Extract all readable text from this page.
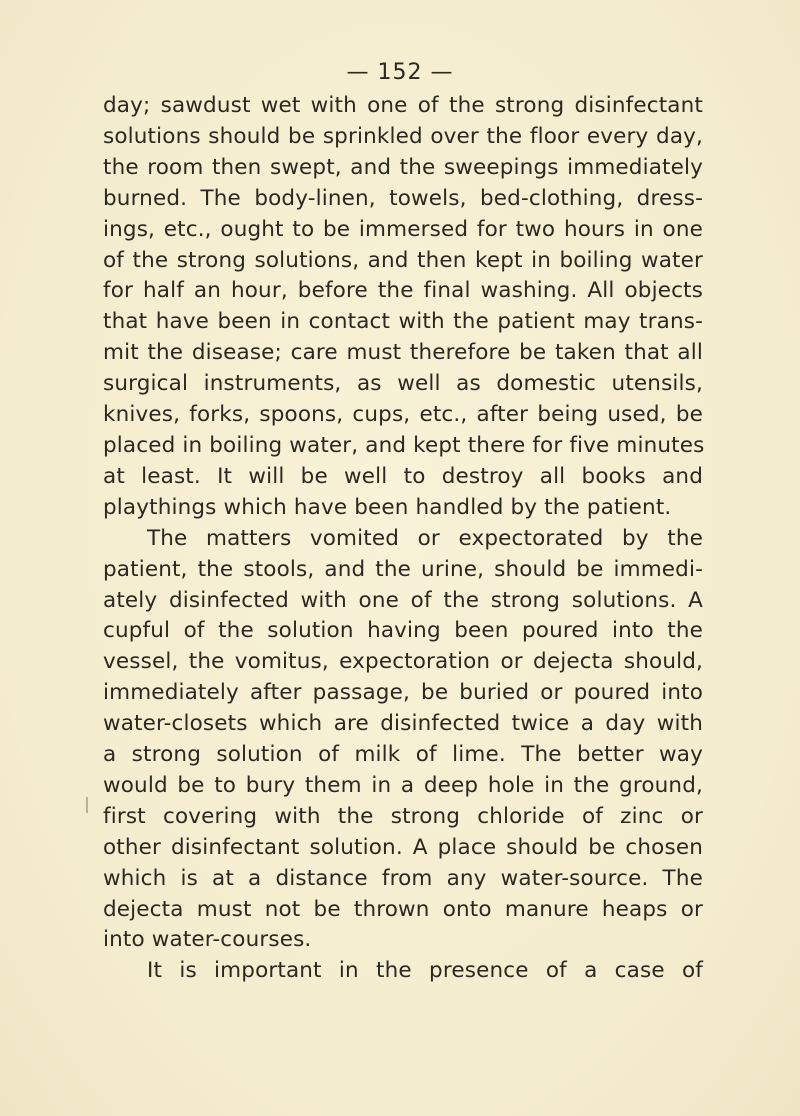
— 152 —
day; sawdust wet with one of the strong disinfectant
solutions should be sprinkled over the floor every day,
the room then swept, and the sweepings immediately
burned. The body-linen, towels, bed-clothing, dress-
ings, etc., ought to be immersed for two hours in one
of the strong solutions, and then kept in boiling water
for half an hour, before the final washing. All objects
that have been in contact with the patient may trans-
mit the disease; care must therefore be taken that all
surgical instruments, as well as domestic utensils,
knives, forks, spoons, cups, etc., after being used, be
placed in boiling water, and kept there for five minutes
at least. It will be well to destroy all books and
playthings which have been handled by the patient.
The matters vomited or expectorated by the
patient, the stools, and the urine, should be immedi-
ately disinfected with one of the strong solutions. A
cupful of the solution having been poured into the
vessel, the vomitus, expectoration or dejecta should,
immediately after passage, be buried or poured into
water-closets which are disinfected twice a day with
a strong solution of milk of lime. The better way
would be to bury them in a deep hole in the ground,
first covering with the strong chloride of zinc or
other disinfectant solution. A place should be chosen
which is at a distance from any water-source. The
dejecta must not be thrown onto manure heaps or
into water-courses.
It is important in the presence of a case of
